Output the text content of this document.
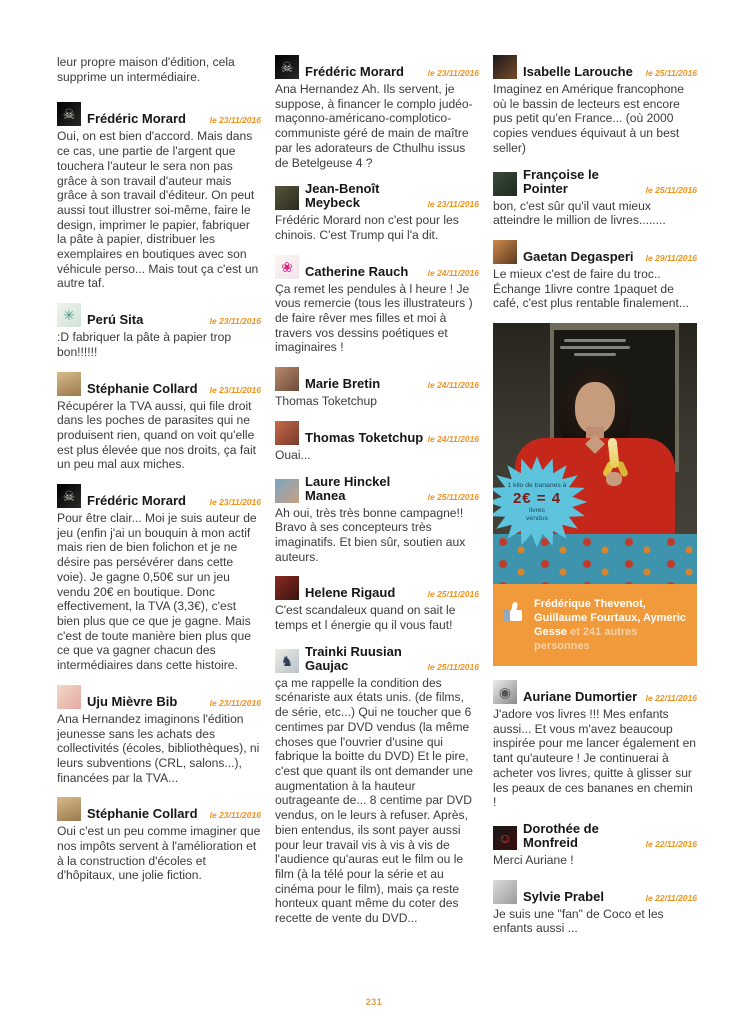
leur propre maison d'édition, cela supprime un intermédiaire.

☠ Frédéric Morard	le 23/11/2016

Oui, on est bien d'accord. Mais dans ce cas, une partie de l'argent que touchera l'auteur le sera non pas grâce à son travail d'auteur mais grâce à son travail d'éditeur. On peut aussi tout illustrer soi-même, faire le design, imprimer le papier, fabriquer la pâte à papier, distribuer les exemplaires en boutiques avec son véhicule perso... Mais tout ça c'est un autre taf.

✳ Perú Sita	le 23/11/2016

:D fabriquer la pâte à papier trop bon!!!!!!

Stéphanie Collard	le 23/11/2016

Récupérer la TVA aussi, qui file droit dans les poches de parasites qui ne produisent rien, quand on voit qu'elle est plus élevée que nos droits, ça fait un peu mal aux miches.

☠ Frédéric Morard	le 23/11/2016

Pour être clair... Moi je suis auteur de jeu (enfin j'ai un bouquin à mon actif mais rien de bien folichon et je ne désire pas persévérer dans cette voie). Je gagne 0,50€ sur un jeu vendu 20€ en boutique. Donc effectivement, la TVA (3,3€), c'est bien plus que ce que je gagne. Mais c'est de toute manière bien plus que ce que va gagner chacun des intermédiaires dans cette histoire.

Uju Mièvre Bib	le 23/11/2016

Ana Hernandez imaginons l'édition jeunesse sans les achats des collectivités (écoles, bibliothèques), ni leurs subventions (CRL, salons...), financées par la TVA...

Stéphanie Collard	le 23/11/2016

Oui c'est un peu comme imaginer que nos impôts servent à l'amélioration et à la construction d'écoles et d'hôpitaux, une jolie fiction.

☠ Frédéric Morard	le 23/11/2016

Ana Hernandez Ah. Ils servent, je suppose, à financer le complo judéo-maçonno-américano-complotico-communiste géré de main de maître par les adorateurs de Cthulhu issus de Betelgeuse 4 ?

Jean-Benoît Meybeck	le 23/11/2016

Frédéric Morard non c'est pour les chinois. C'est Trump qui l'a dit.

❀ Catherine Rauch	le 24/11/2016

Ça remet les pendules à l heure ! Je vous remercie (tous les illustrateurs ) de faire rêver mes filles et moi à travers vos dessins poétiques et imaginaires !

Marie Bretin	le 24/11/2016

Thomas Toketchup

Thomas Toketchup le 24/11/2016

Ouai...

Laure Hinckel Manea	le 25/11/2016

Ah oui, très très bonne campagne!! Bravo à ses concepteurs très imaginatifs. Et bien sûr, soutien aux auteurs.

Helene Rigaud	le 25/11/2016

C'est scandaleux quand on sait le temps et l énergie qu il vous faut!

♞
Trainki Ruusian Gaujac	le 25/11/2016

ça me rappelle la condition des scénariste aux états unis. (de films, de série, etc...) Qui ne toucher que 6 centimes par DVD vendus (la même choses que l'ouvrier d'usine qui fabrique la boitte du DVD) Et le pire, c'est que quant ils ont demander une augmentation à la hauteur outrageante de... 8 centime par DVD vendus, on le leurs à refuser. Après, bien entendus, ils sont payer aussi pour leur travail vis à vis à vis de l'audience qu'auras eut le film ou le film (à la télé pour la série et au cinéma pour le film), mais ça reste honteux quant même du coter des recette de vente du DVD...

Isabelle Larouche	le 25/11/2016

Imaginez en Amérique francophone où le bassin de lecteurs est encore pus petit qu'en France... (où 2000 copies vendues équivaut à un best seller)

Françoise le Pointer	le 25/11/2016

bon, c'est sûr qu'il vaut mieux atteindre le million de livres........

Gaetan Degasperi	le 29/11/2016

Le mieux c'est de faire du troc.. Échange 1livre contre 1paquet de café, c'est plus rentable finalement...

1 kilo de bananes à
2€ = 4
livres
vendus
Frédérique Thevenot, Guillaume Fourtaux, Aymeric Gesse et 241 autres personnes
◉ Auriane Dumortier le 22/11/2016

J'adore vos livres !!! Mes enfants aussi... Et vous m'avez beaucoup inspirée pour me lancer également en tant qu'auteure ! Je continuerai à acheter vos livres, quitte à glisser sur les peaux de ces bananes en chemin !

☺
Dorothée de Monfreid	le 22/11/2016

Merci Auriane !

Sylvie Prabel	le 22/11/2016

Je suis une "fan" de Coco et les enfants aussi ...

231
